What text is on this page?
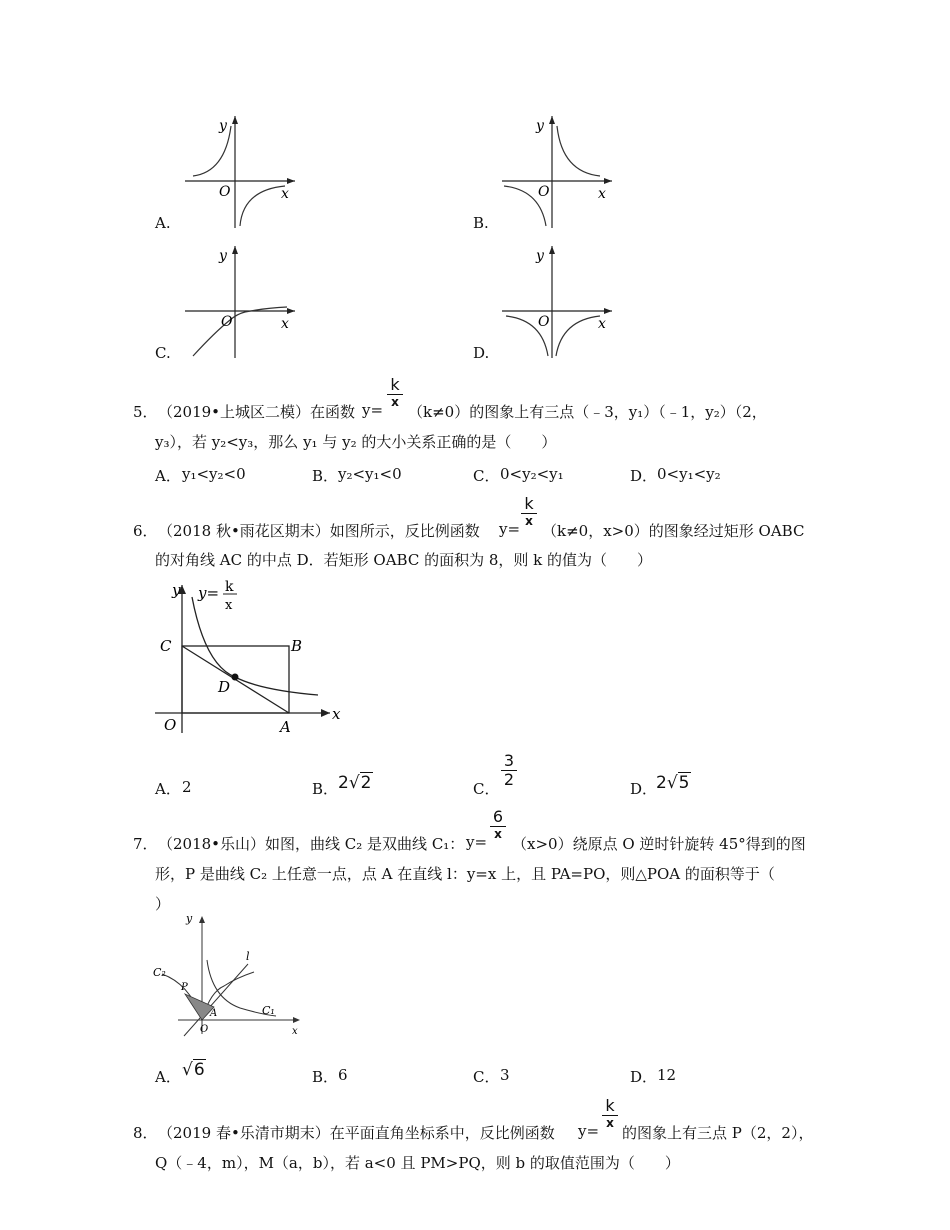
y
O	x
A.
y
O	x
B.
y
O	x
C.
y
O	x
D.
5． （2019•上城区二模）在函数 y=
k
x
（k≠0）的图象上有三点（﹣3，y₁）（﹣1，y₂）（2，
y₃），若 y₂<y₃，那么 y₁ 与 y₂ 的大小关系正确的是（　　）
A． y₁<y₂<0	B． y₂<y₁<0	C． 0<y₂<y₁	D． 0<y₁<y₂
6． （2018 秋•雨花区期末）如图所示，反比例函数 y=
k
x
（k≠0，x>0）的图象经过矩形 OABC
的对角线 AC 的中点 D．若矩形 OABC 的面积为 8，则 k 的值为（　　）
y y= k
x
C	B
D
O	A
x
A． 2	B． 2√2	C．
3
2	D．
2√5
7． （2018•乐山）如图，曲线 C₂ 是双曲线 C₁： y=
6
x
（x>0）绕原点 O 逆时针旋转 45°得到的图
形，P 是曲线 C₂ 上任意一点，点 A 在直线 l：y=x 上，且 PA=PO，则△POA 的面积等于（
）
y
C₂
l
P
A
O
C₁
x
A． √6	B． 6	C． 3	D． 12
8． （2019 春•乐清市期末）在平面直角坐标系中，反比例函数 y=
k
x
的图象上有三点 P（2，2），
Q（﹣4，m），M（a，b），若 a<0 且 PM>PQ，则 b 的取值范围为（　　）
